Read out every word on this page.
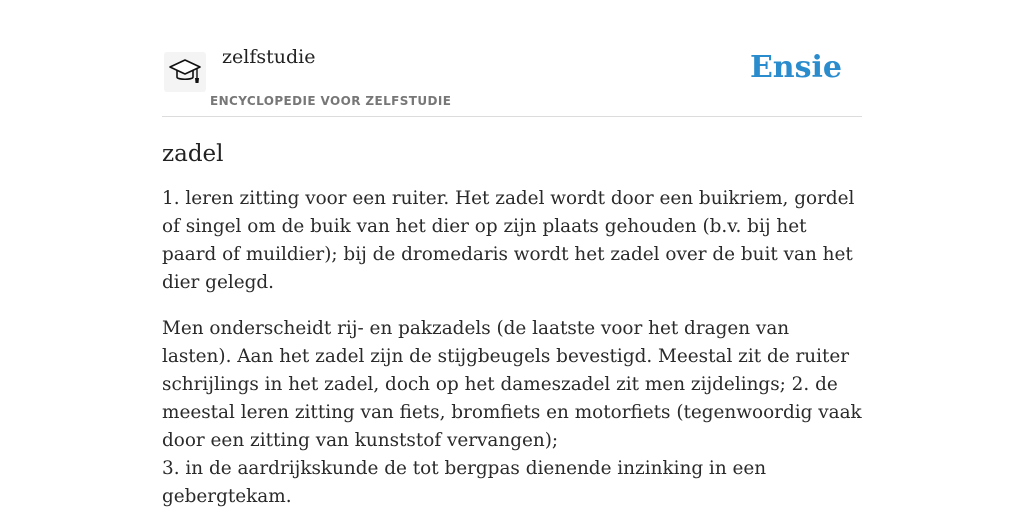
zelfstudie
ENCYCLOPEDIE VOOR ZELFSTUDIE
Ensie
zadel

1. leren zitting voor een ruiter. Het zadel wordt door een buikriem, gordel of singel om de buik van het dier op zijn plaats gehouden (b.v. bij het paard of muildier); bij de dromedaris wordt het zadel over de buit van het dier gelegd.

Men onderscheidt rij- en pakzadels (de laatste voor het dragen van lasten). Aan het zadel zijn de stijgbeugels bevestigd. Meestal zit de ruiter schrijlings in het zadel, doch op het dameszadel zit men zijdelings; 2. de meestal leren zitting van fiets, bromfiets en motorfiets (tegenwoordig vaak door een zitting van kunststof vervangen);
3. in de aardrijkskunde de tot bergpas dienende inzinking in een gebergtekam.
